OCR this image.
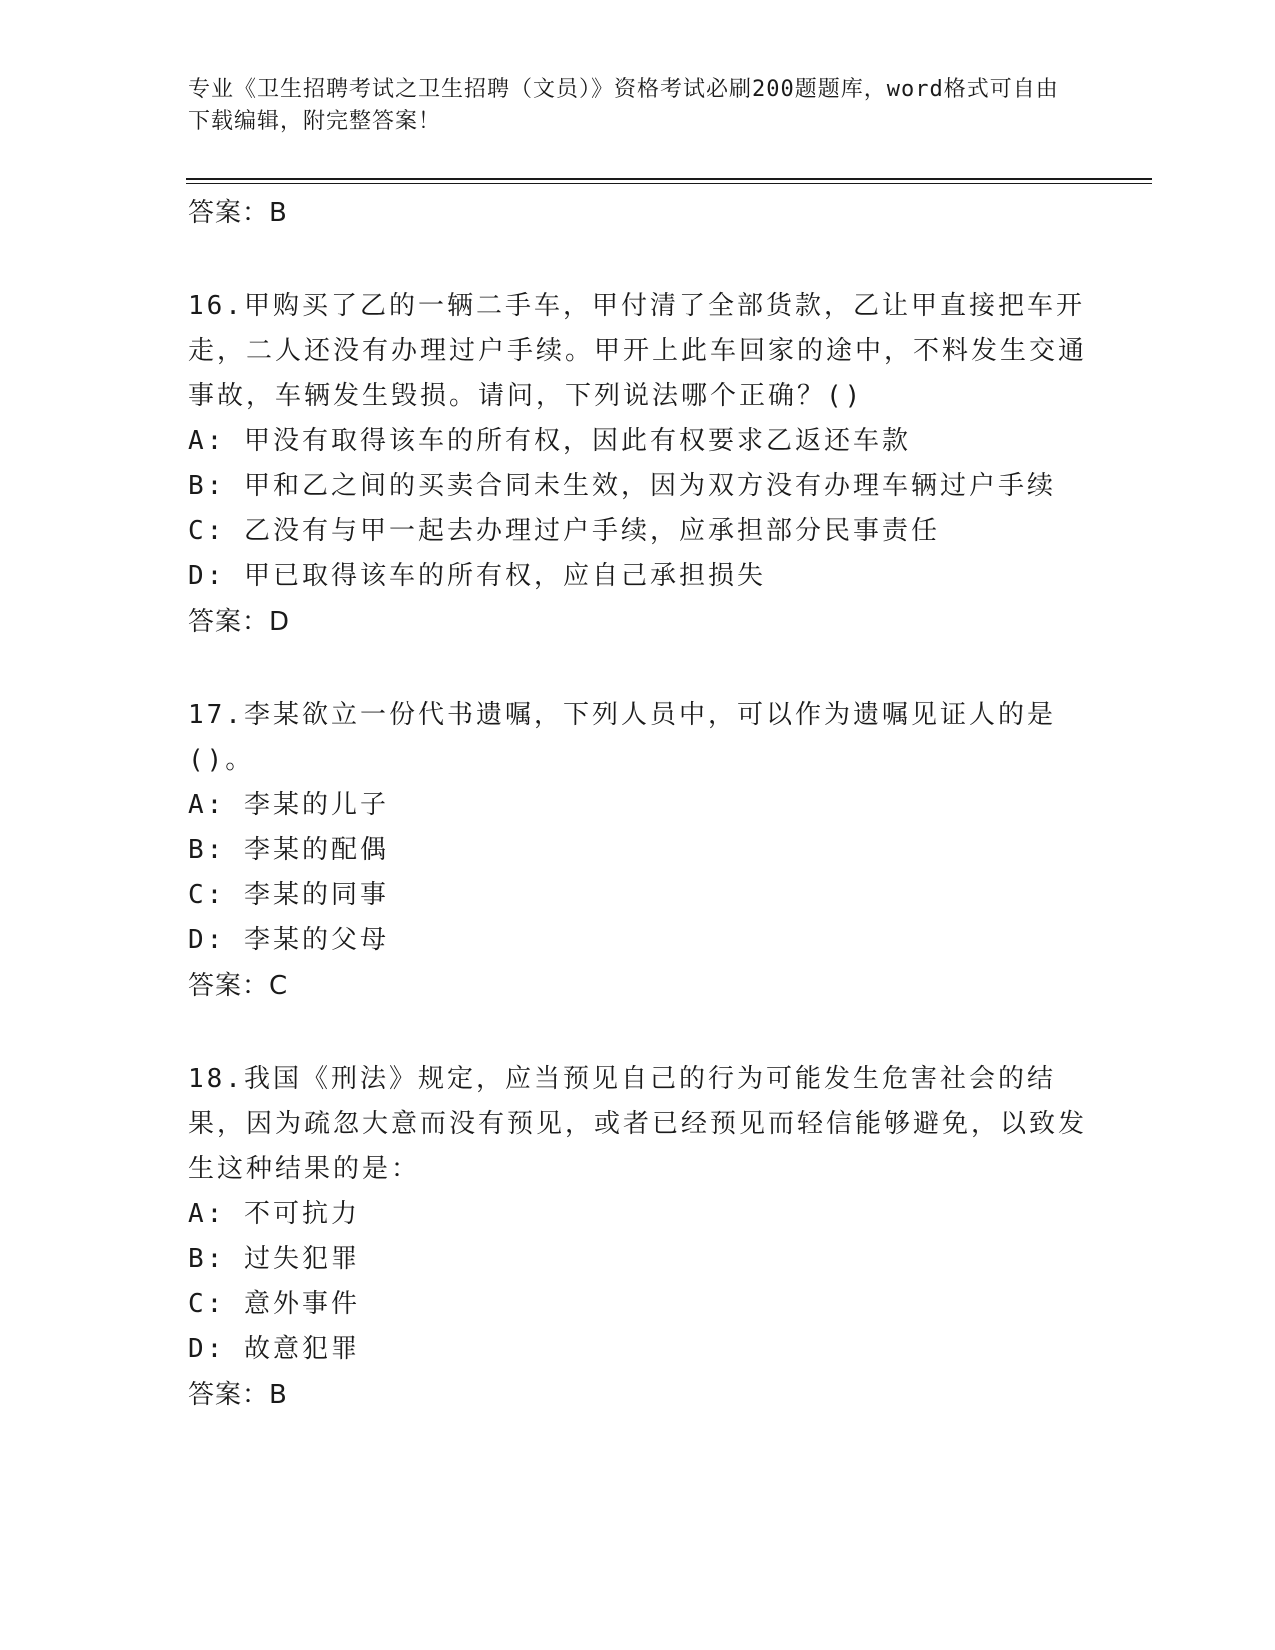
专业《卫生招聘考试之卫生招聘（文员）》资格考试必刷200题题库，word格式可自由下载编辑，附完整答案！
答案：B
16.甲购买了乙的一辆二手车，甲付清了全部货款，乙让甲直接把车开走，二人还没有办理过户手续。甲开上此车回家的途中，不料发生交通事故，车辆发生毁损。请问，下列说法哪个正确？()
A: 甲没有取得该车的所有权，因此有权要求乙返还车款
B: 甲和乙之间的买卖合同未生效，因为双方没有办理车辆过户手续
C: 乙没有与甲一起去办理过户手续，应承担部分民事责任
D: 甲已取得该车的所有权，应自己承担损失
答案：D
17.李某欲立一份代书遗嘱，下列人员中，可以作为遗嘱见证人的是()。
A: 李某的儿子
B: 李某的配偶
C: 李某的同事
D: 李某的父母
答案：C
18.我国《刑法》规定，应当预见自己的行为可能发生危害社会的结果，因为疏忽大意而没有预见，或者已经预见而轻信能够避免，以致发生这种结果的是：
A: 不可抗力
B: 过失犯罪
C: 意外事件
D: 故意犯罪
答案：B
